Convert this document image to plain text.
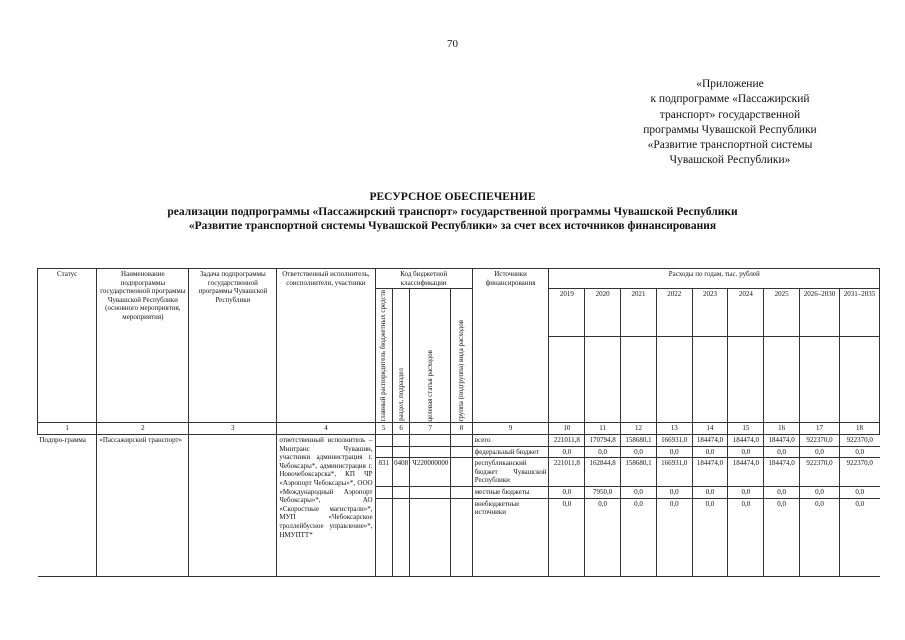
70
«Приложение
к подпрограмме «Пассажирский
транспорт» государственной
программы Чувашской Республики
«Развитие транспортной системы
Чувашской Республики»
РЕСУРСНОЕ ОБЕСПЕЧЕНИЕ
реализации подпрограммы «Пассажирский транспорт» государственной программы Чувашской Республики
«Развитие транспортной системы Чувашской Республики» за счет всех источников финансирования
Статус	Наименование подпрограммы государственной программы Чувашской Республики (основного мероприятия, мероприятия)	Задача подпрограммы государственной программы Чувашской Республики	Ответственный исполнитель, соисполнители, участники	Код бюджетной классификации				Источники финансирования	Расходы по годам, тыс. рублей								

				главный распорядитель бюджетных средств	раздел, подраздел	целевая статья расходов	группа (подгруппа) вида расходов		2019	2020	2021	2022	2023	2024	2025	2026–2030	2031–2035

1	2	3	4	5	6	7	8	9	10	11	12	13	14	15	16	17	18
Подпро-грамма	«Пассажирский транспорт»		ответственный исполнитель – Минтранс Чувашии, участники администрация г. Чебоксары*, администрация г. Новочебоксарска*, КП ЧР «Аэропорт Чебоксары»*, ООО «Международный Аэропорт Чебоксары»*, АО «Скоростные магистрали»*, МУП «Чебоксарское троллейбусное управление»*, НМУПТТ*					всего	221011,8	170794,8	158680,1	166931,0	184474,0	184474,0	184474,0	922370,0	922370,0
								федеральный бюджет	0,0	0,0	0,0	0,0	0,0	0,0	0,0	0,0	0,0
				831	0408	Ч220000000		республиканский бюджет Чувашской Республики	221011,8	162844,8	158680,1	166931,0	184474,0	184474,0	184474,0	922370,0	922370,0
								местные бюджеты	0,0	7950,0	0,0	0,0	0,0	0,0	0,0	0,0	0,0
								внебюджетные источники	0,0	0,0	0,0	0,0	0,0	0,0	0,0	0,0	0,0
